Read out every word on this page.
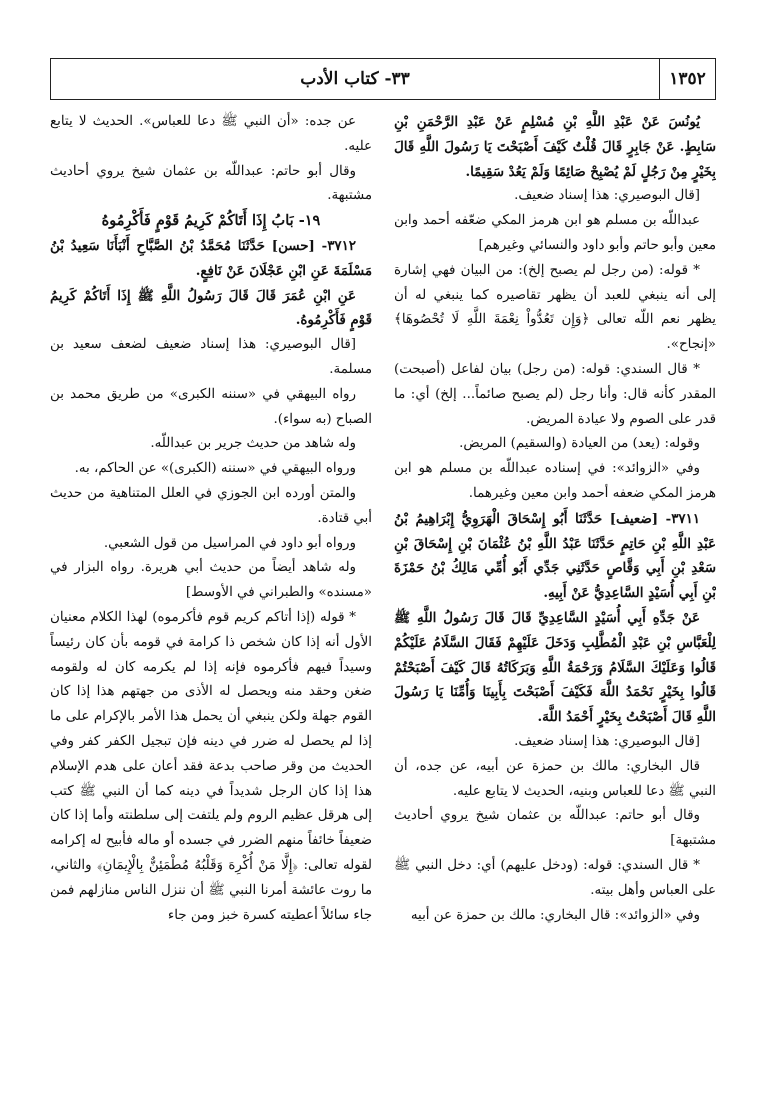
١٣٥٢
٣٣- كتاب الأدب

يُونُسَ عَنْ عَبْدِ اللَّهِ بْنِ مُسْلِمٍ عَنْ عَبْدِ الرَّحْمَنِ بْنِ سَابِطٍ. عَنْ جَابِرٍ قَالَ قُلْتُ كَيْفَ أَصْبَحْتَ يَا رَسُولَ اللَّهِ قَالَ بِخَيْرٍ مِنْ رَجُلٍ لَمْ يُصْبِحْ صَائِمًا وَلَمْ يَعُدْ سَقِيمًا.

[قال البوصيري: هذا إسناد ضعيف.

عبداللّه بن مسلم هو ابن هرمز المكي ضعّفه أحمد وابن معين وأبو حاتم وأبو داود والنسائي وغيرهم]

* قوله: (من رجل لم يصبح إلخ): من البيان فهي إشارة إلى أنه ينبغي للعبد أن يظهر تقاصيره كما ينبغي له أن يظهر نعم اللّه تعالى ﴿وَإِن تَعُدُّواْ نِعْمَةَ اللَّهِ لَا تُحْصُوهَا﴾ «إنجاح».

* قال السندي: قوله: (من رجل) بيان لفاعل (أصبحت) المقدر كأنه قال: وأنا رجل (لم يصبح صائماً... إلخ) أي: ما قدر على الصوم ولا عيادة المريض.

وقوله: (يعد) من العيادة (والسقيم) المريض.

وفي «الزوائد»: في إسناده عبداللّه بن مسلم هو ابن هرمز المكي ضعفه أحمد وابن معين وغيرهما.

٣٧١١- [ضعيف] حَدَّثَنَا أَبُو إِسْحَاقَ الْهَرَوِيُّ إِبْرَاهِيمُ بْنُ عَبْدِ اللَّهِ بْنِ حَاتِمٍ حَدَّثَنَا عَبْدُ اللَّهِ بْنُ عُثْمَانَ بْنِ إِسْحَاقَ بْنِ سَعْدِ بْنِ أَبِي وَقَّاصٍ حَدَّثَنِي جَدِّي أَبُو أُمِّي مَالِكُ بْنُ حَمْزَةَ بْنِ أَبِي أُسَيْدٍ السَّاعِدِيُّ عَنْ أَبِيهِ.

عَنْ جَدِّهِ أَبِي أُسَيْدٍ السَّاعِدِيِّ قَالَ قَالَ رَسُولُ اللَّهِ ﷺ لِلْعَبَّاسِ بْنِ عَبْدِ الْمُطَّلِبِ وَدَخَلَ عَلَيْهِمْ فَقَالَ السَّلَامُ عَلَيْكُمْ قَالُوا وَعَلَيْكَ السَّلَامُ وَرَحْمَةُ اللَّهِ وَبَرَكَاتُهُ قَالَ كَيْفَ أَصْبَحْتُمْ قَالُوا بِخَيْرٍ نَحْمَدُ اللَّهَ فَكَيْفَ أَصْبَحْتَ بِأَبِينَا وَأُمِّنَا يَا رَسُولَ اللَّهِ قَالَ أَصْبَحْتُ بِخَيْرٍ أَحْمَدُ اللَّهَ.

[قال البوصيري: هذا إسناد ضعيف.

قال البخاري: مالك بن حمزة عن أبيه، عن جده، أن النبي ﷺ دعا للعباس وبنيه، الحديث لا يتابع عليه.

وقال أبو حاتم: عبداللّه بن عثمان شيخ يروي أحاديث مشتبهة]

* قال السندي: قوله: (ودخل عليهم) أي: دخل النبي ﷺ على العباس وأهل بيته.

وفي «الزوائد»: قال البخاري: مالك بن حمزة عن أبيه

عن جده: «أن النبي ﷺ دعا للعباس». الحديث لا يتابع عليه.

وقال أبو حاتم: عبداللّه بن عثمان شيخ يروي أحاديث مشتبهة.

١٩- بَابُ إِذَا أَتَاكُمْ كَرِيمُ قَوْمٍ فَأَكْرِمُوهُ

٣٧١٢- [حسن] حَدَّثَنَا مُحَمَّدُ بْنُ الصَّبَّاحِ أَنْبَأَنَا سَعِيدُ بْنُ مَسْلَمَةَ عَنِ ابْنِ عَجْلَانَ عَنْ نَافِعٍ.

عَنِ ابْنِ عُمَرَ قَالَ قَالَ رَسُولُ اللَّهِ ﷺ إِذَا أَتَاكُمْ كَرِيمُ قَوْمٍ فَأَكْرِمُوهُ.

[قال البوصيري: هذا إسناد ضعيف لضعف سعيد بن مسلمة.

رواه البيهقي في «سننه الكبرى» من طريق محمد بن الصباح (به سواء).

وله شاهد من حديث جرير بن عبداللّه.

ورواه البيهقي في «سننه (الكبرى)» عن الحاكم، به.

والمتن أورده ابن الجوزي في العلل المتناهية من حديث أبي قتادة.

ورواه أبو داود في المراسيل من قول الشعبي.

وله شاهد أيضاً من حديث أبي هريرة. رواه البزار في «مسنده» والطبراني في الأوسط]

* قوله (إذا أتاكم كريم قوم فأكرموه) لهذا الكلام معنيان الأول أنه إذا كان شخص ذا كرامة في قومه بأن كان رئيساً وسيداً فيهم فأكرموه فإنه إذا لم يكرمه كان له ولقومه ضغن وحقد منه ويحصل له الأذى من جهتهم هذا إذا كان القوم جهلة ولكن ينبغي أن يحمل هذا الأمر بالإكرام على ما إذا لم يحصل له ضرر في دينه فإن تبجيل الكفر كفر وفي الحديث من وقر صاحب بدعة فقد أعان على هدم الإسلام هذا إذا كان الرجل شديداً في دينه كما أن النبي ﷺ كتب إلى هرقل عظيم الروم ولم يلتفت إلى سلطنته وأما إذا كان ضعيفاً خائفاً منهم الضرر في جسده أو ماله فأبيح له إكرامه لقوله تعالى: ﴿إِلَّا مَنْ أُكْرِهَ وَقَلْبُهُ مُطْمَئِنٌّ بِالْإِيمَانِ﴾ والثاني، ما روت عائشة أمرنا النبي ﷺ أن ننزل الناس منازلهم فمن جاء سائلاً أعطيته كسرة خبز ومن جاء
